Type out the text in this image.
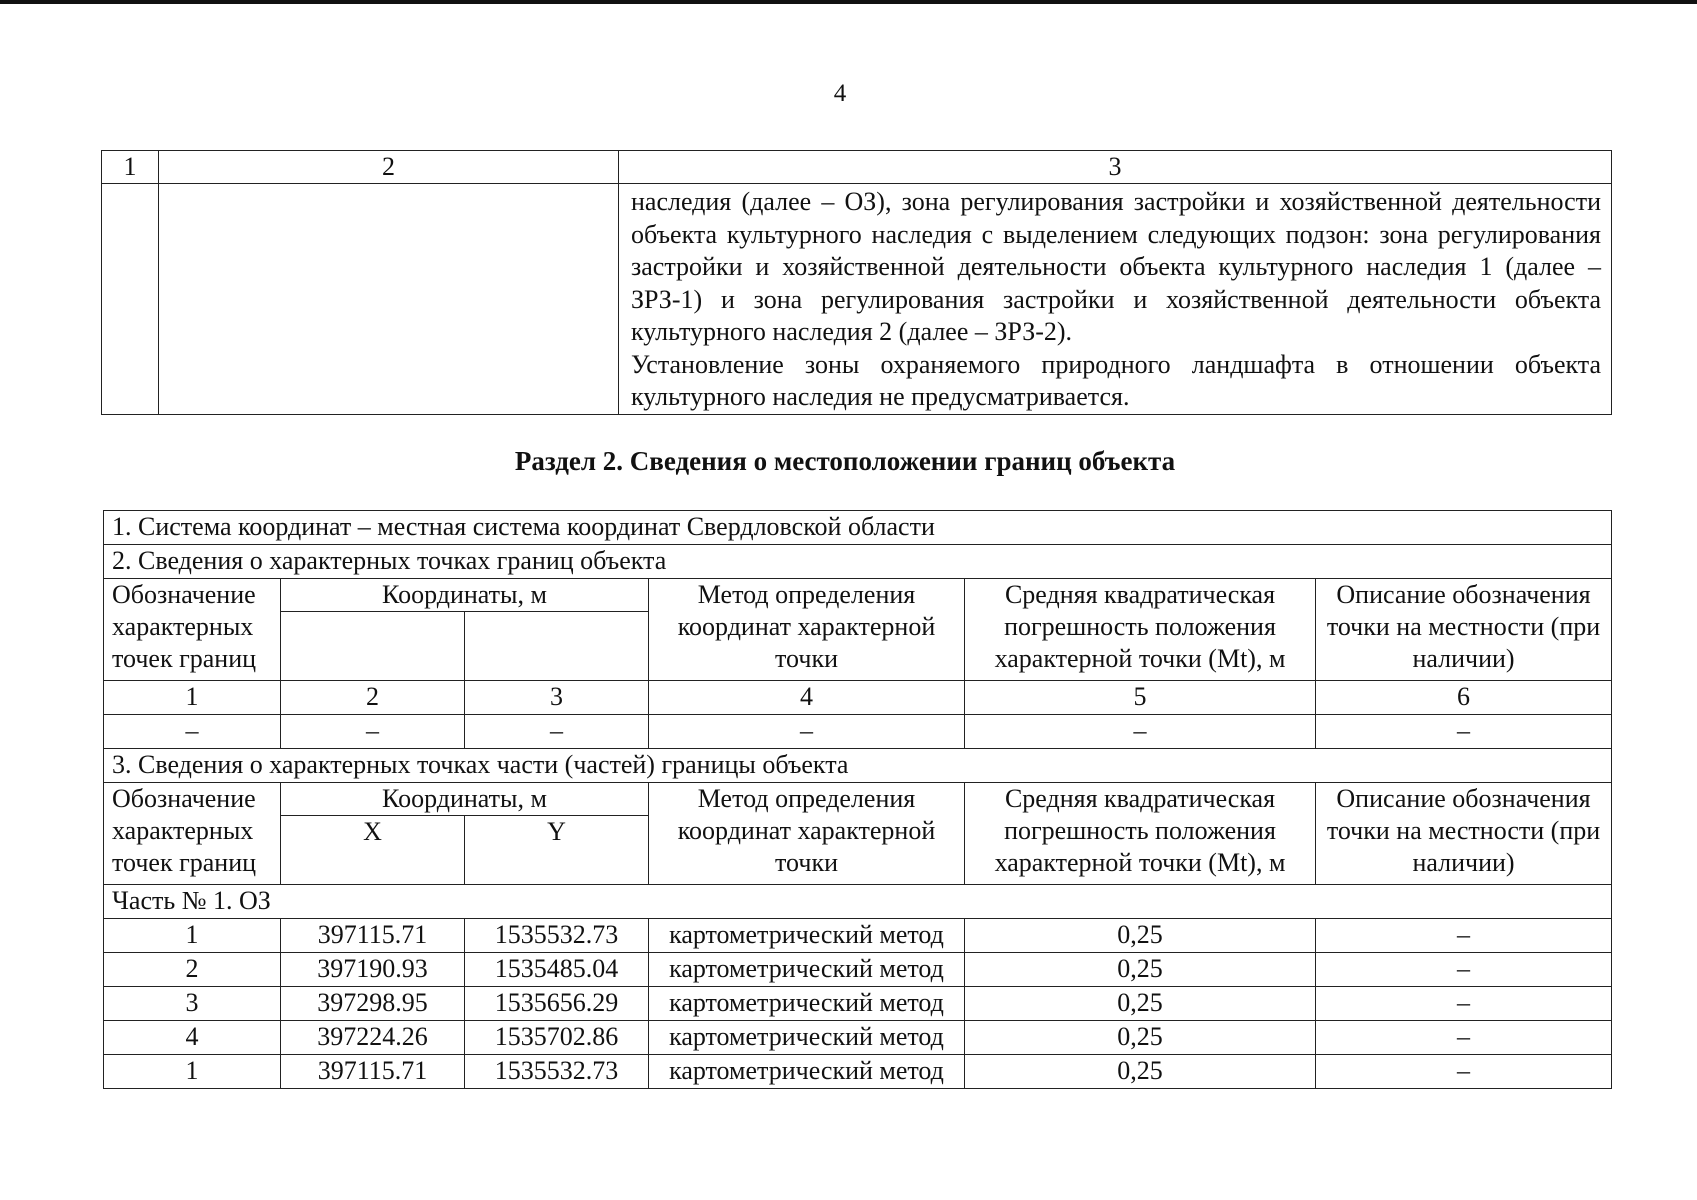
4
1	2	3

		наследия (далее – ОЗ), зона регулирования застройки и хозяйственной деятельности объекта культурного наследия с выделением следующих подзон: зона регулирования застройки и хозяйственной деятельности объекта культурного наследия 1 (далее – ЗРЗ-1) и зона регулирования застройки и хозяйственной деятельности объекта культурного наследия 2 (далее – ЗРЗ-2).

Установление зоны охраняемого природного ландшафта в отношении объекта культурного наследия не предусматривается.

Раздел 2. Сведения о местоположении границ объекта
1. Система координат – местная система координат Свердловской области					
2. Сведения о характерных точках границ объекта					
Обозначение характерных точек границ	Координаты, м		Метод определения координат характерной точки	Средняя квадратическая погрешность положения характерной точки (Mt), м	Описание обозначения точки на местности (при наличии)

1	2	3	4	5	6
–	–	–	–	–	–
3. Сведения о характерных точках части (частей) границы объекта					
Обозначение характерных точек границ	Координаты, м		Метод определения координат характерной точки	Средняя квадратическая погрешность положения характерной точки (Mt), м	Описание обозначения точки на местности (при наличии)
	X	Y			
Часть № 1. ОЗ					
1	397115.71	1535532.73	картометрический метод	0,25	–
2	397190.93	1535485.04	картометрический метод	0,25	–
3	397298.95	1535656.29	картометрический метод	0,25	–
4	397224.26	1535702.86	картометрический метод	0,25	–
1	397115.71	1535532.73	картометрический метод	0,25	–
